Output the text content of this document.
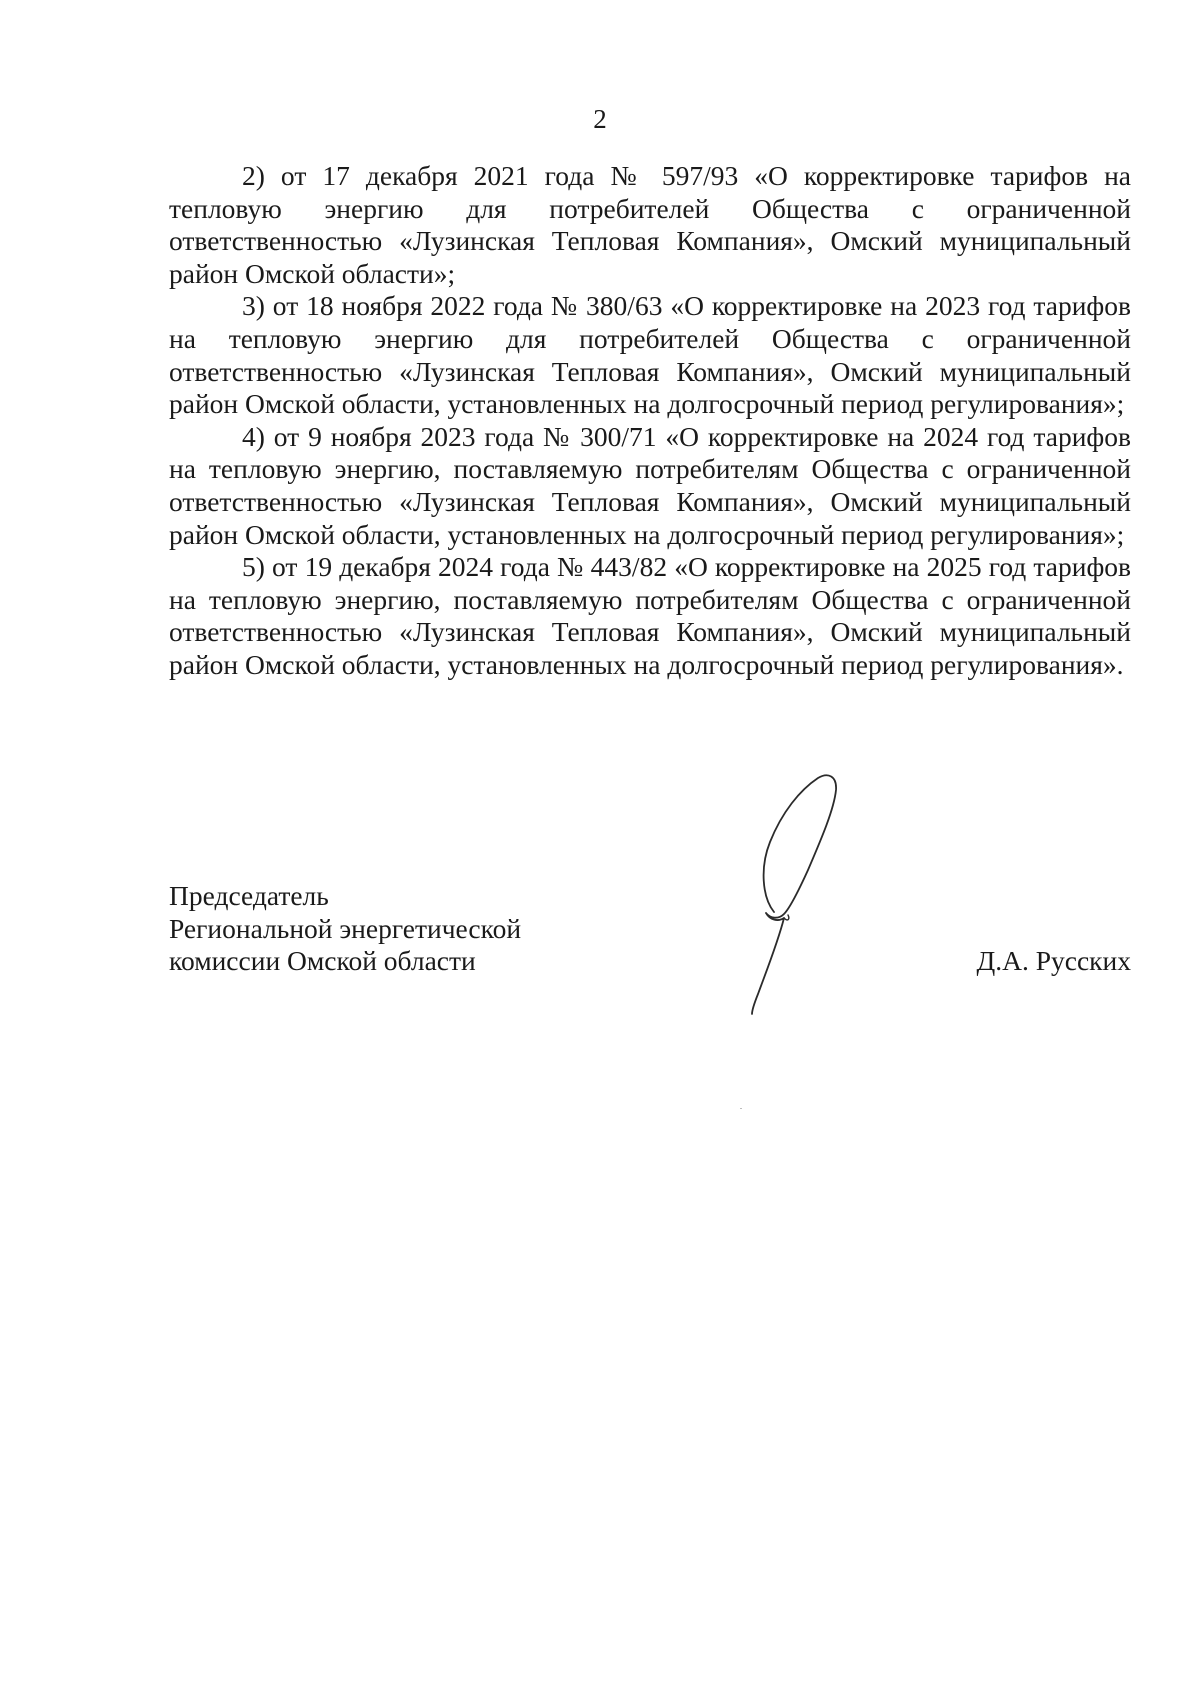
2

2) от 17 декабря 2021 года № 597/93 «О корректировке тарифов на тепловую энергию для потребителей Общества с ограниченной ответственностью «Лузинская Тепловая Компания», Омский муниципальный район Омской области»;

3) от 18 ноября 2022 года № 380/63 «О корректировке на 2023 год тарифов на тепловую энергию для потребителей Общества с ограниченной ответственностью «Лузинская Тепловая Компания», Омский муниципальный район Омской области, установленных на долгосрочный период регулирования»;

4) от 9 ноября 2023 года № 300/71 «О корректировке на 2024 год тарифов на тепловую энергию, поставляемую потребителям Общества с ограниченной ответственностью «Лузинская Тепловая Компания», Омский муниципальный район Омской области, установленных на долгосрочный период регулирования»;

5) от 19 декабря 2024 года № 443/82 «О корректировке на 2025 год тарифов на тепловую энергию, поставляемую потребителям Общества с ограниченной ответственностью «Лузинская Тепловая Компания», Омский муниципальный район Омской области, установленных на долгосрочный период регулирования».

Председатель
Региональной энергетической
комиссии Омской области	Д.А. Русских
